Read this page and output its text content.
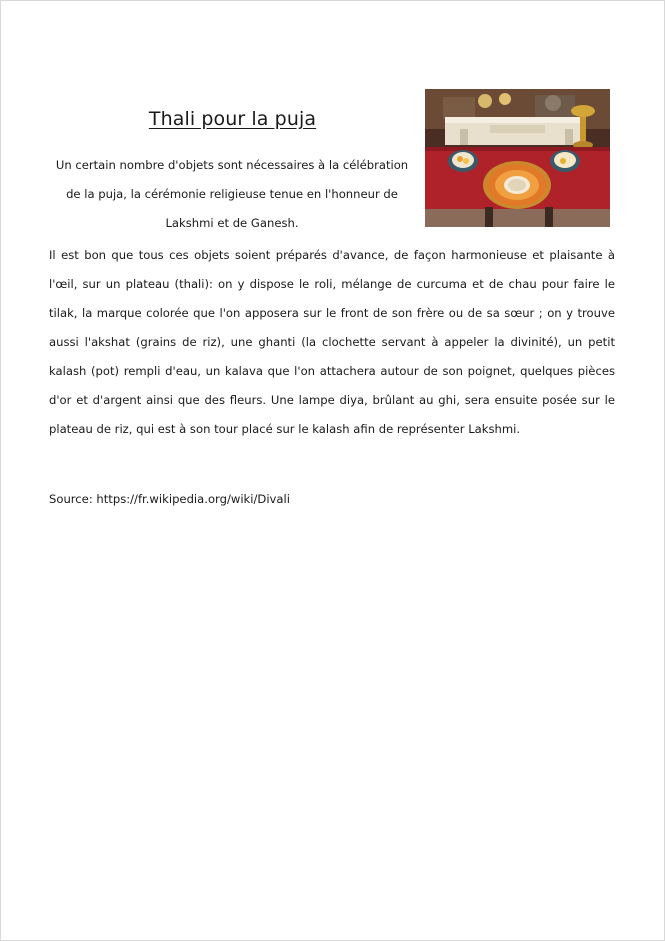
Thali pour la puja

Un certain nombre d'objets sont nécessaires à la célébration de la puja, la cérémonie religieuse tenue en l'honneur de Lakshmi et de Ganesh.

Il est bon que tous ces objets soient préparés d'avance, de façon harmonieuse et plaisante à l'œil, sur un plateau (thali): on y dispose le roli, mélange de curcuma et de chau pour faire le tilak, la marque colorée que l'on apposera sur le front de son frère ou de sa sœur ; on y trouve aussi l'akshat (grains de riz), une ghanti (la clochette servant à appeler la divinité), un petit kalash (pot) rempli d'eau, un kalava que l'on attachera autour de son poignet, quelques pièces d'or et d'argent ainsi que des fleurs. Une lampe diya, brûlant au ghi, sera ensuite posée sur le plateau de riz, qui est à son tour placé sur le kalash afin de représenter Lakshmi.

Source: https://fr.wikipedia.org/wiki/Divali
